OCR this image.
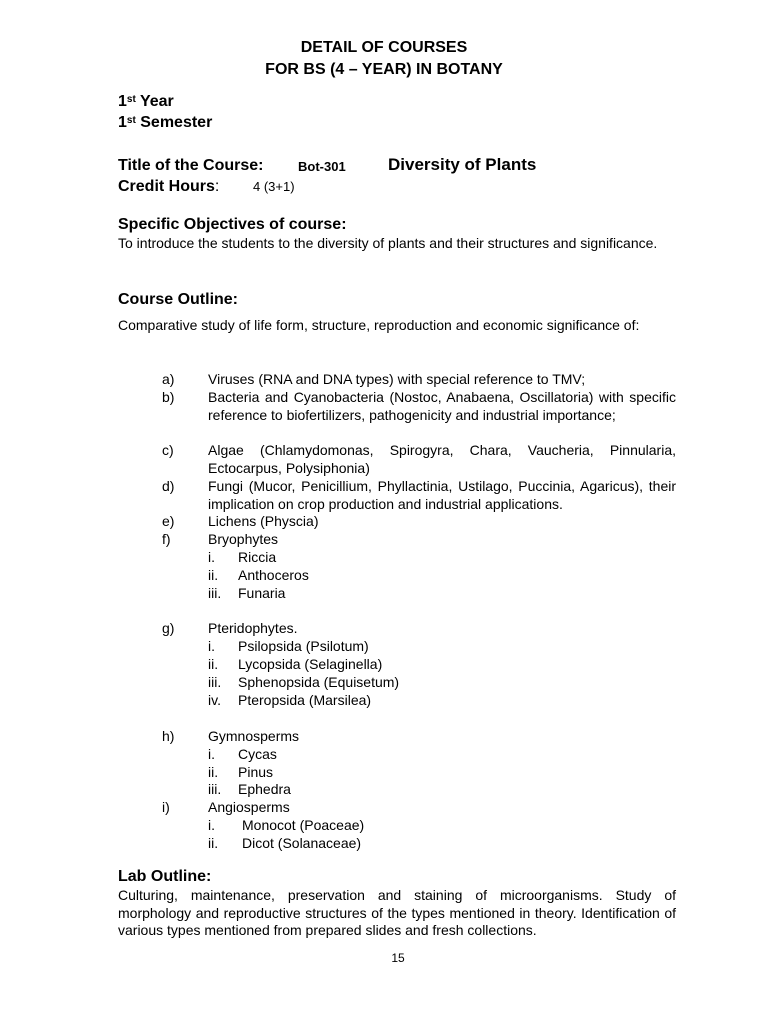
DETAIL OF COURSES
FOR BS (4 – YEAR) IN BOTANY
1st Year
1st Semester
Title of the Course:	Bot-301 Diversity of Plants
Credit Hours:	4 (3+1)
Specific Objectives of course:
To introduce the students to the diversity of plants and their structures and significance.
Course Outline:
Comparative study of life form, structure, reproduction and economic significance of:
a) Viruses (RNA and DNA types) with special reference to TMV;
b) Bacteria and Cyanobacteria (Nostoc, Anabaena, Oscillatoria) with specific reference to biofertilizers, pathogenicity and industrial importance;
c) Algae (Chlamydomonas, Spirogyra, Chara, Vaucheria, Pinnularia, Ectocarpus, Polysiphonia)
d) Fungi (Mucor, Penicillium, Phyllactinia, Ustilago, Puccinia, Agaricus), their implication on crop production and industrial applications.
e) Lichens (Physcia)
f)	Bryophytes
i. Riccia
ii. Anthoceros
iii. Funaria
g) Pteridophytes.
i. Psilopsida (Psilotum)
ii. Lycopsida (Selaginella)
iii. Sphenopsida (Equisetum)
iv. Pteropsida (Marsilea)
h) Gymnosperms
i. Cycas
ii. Pinus
iii. Ephedra
i)	Angiosperms
i. Monocot (Poaceae)
ii. Dicot (Solanaceae)
Lab Outline:
Culturing, maintenance, preservation and staining of microorganisms. Study of morphology and reproductive structures of the types mentioned in theory. Identification of various types mentioned from prepared slides and fresh collections.
15
